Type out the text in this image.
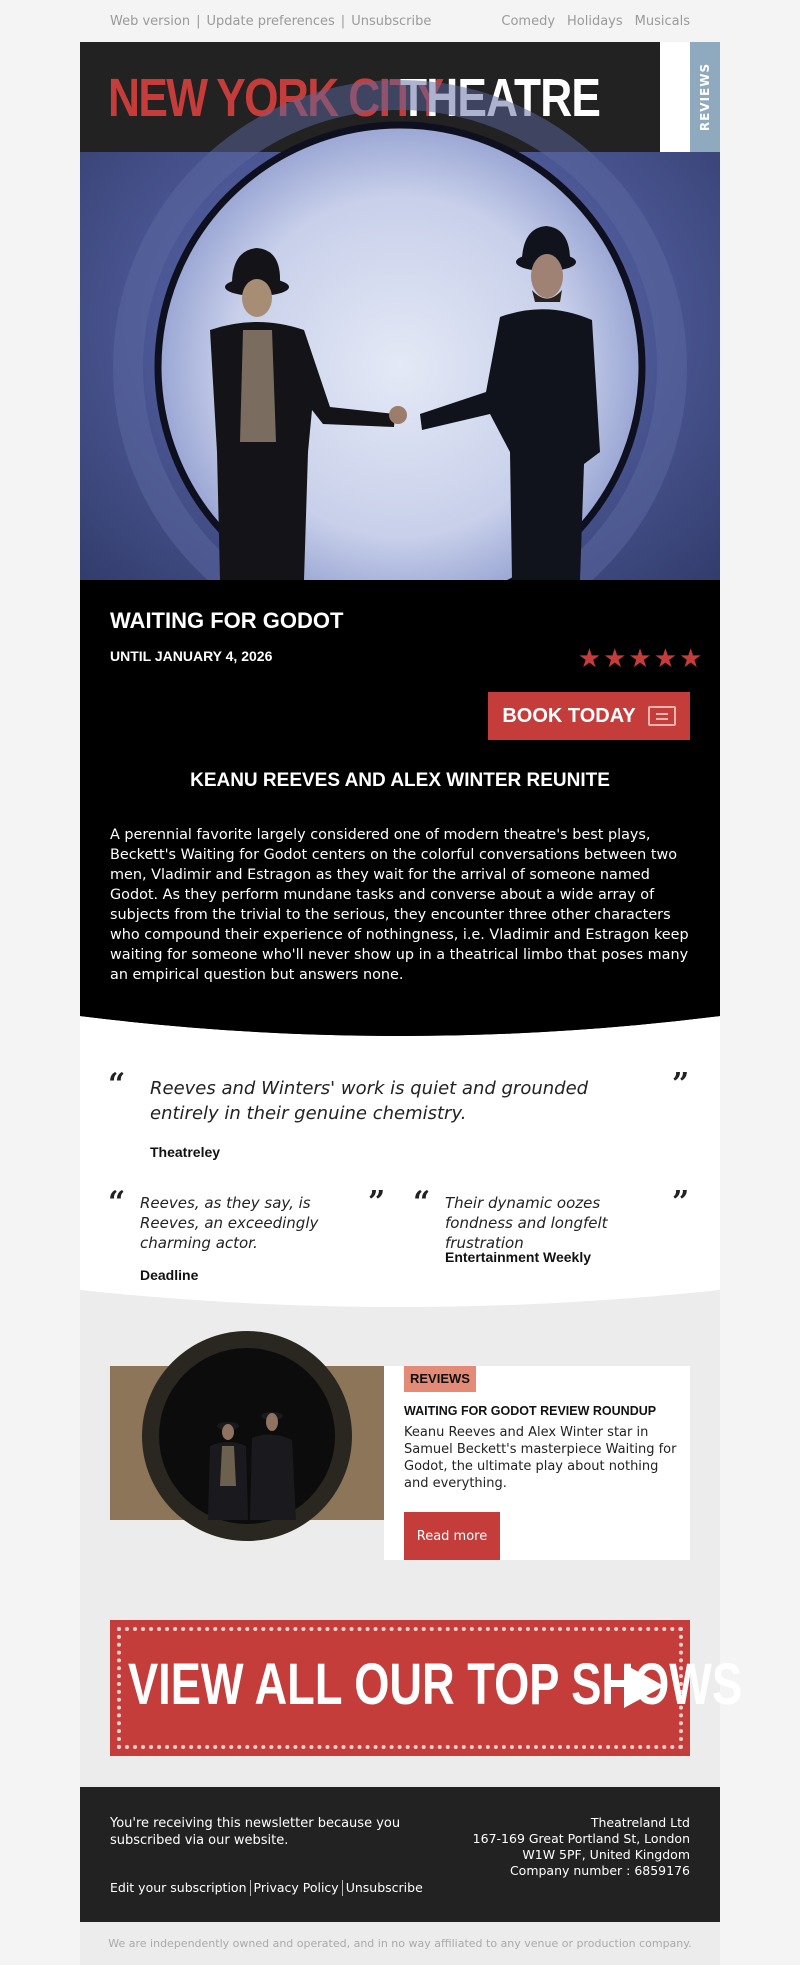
Web version | Update preferences | Unsubscribe	Comedy Holidays Musicals
NEW YORK CITY
THEATRE	REVIEWS
WAITING FOR GODOT
UNTIL JANUARY 4, 2026	★ ★ ★ ★ ★
BOOK TODAY
KEANU REEVES AND ALEX WINTER REUNITE
A perennial favorite largely considered one of modern theatre's best plays, Beckett's Waiting for Godot centers on the colorful conversations between two men, Vladimir and Estragon as they wait for the arrival of someone named Godot. As they perform mundane tasks and converse about a wide array of subjects from the trivial to the serious, they encounter three other characters who compound their experience of nothingness, i.e. Vladimir and Estragon keep waiting for someone who'll never show up in a theatrical limbo that poses many an empirical question but answers none.
“ Reeves and Winters' work is quiet and grounded entirely in their genuine chemistry.
”
Theatreley
“ Reeves, as they say, is Reeves, an exceedingly charming actor.
”
Deadline
“ Their dynamic oozes fondness and longfelt frustration
”
Entertainment Weekly
REVIEWS
WAITING FOR GODOT REVIEW ROUNDUP
Keanu Reeves and Alex Winter star in Samuel Beckett's masterpiece Waiting for Godot, the ultimate play about nothing and everything.
Read more
VIEW ALL OUR TOP SHOWS
You're receiving this newsletter because you subscribed via our website.
Edit your subscription Privacy Policy Unsubscribe
Theatreland Ltd
167-169 Great Portland St, London
W1W 5PF, United Kingdom
Company number : 6859176
We are independently owned and operated, and in no way affiliated to any venue or production company.
